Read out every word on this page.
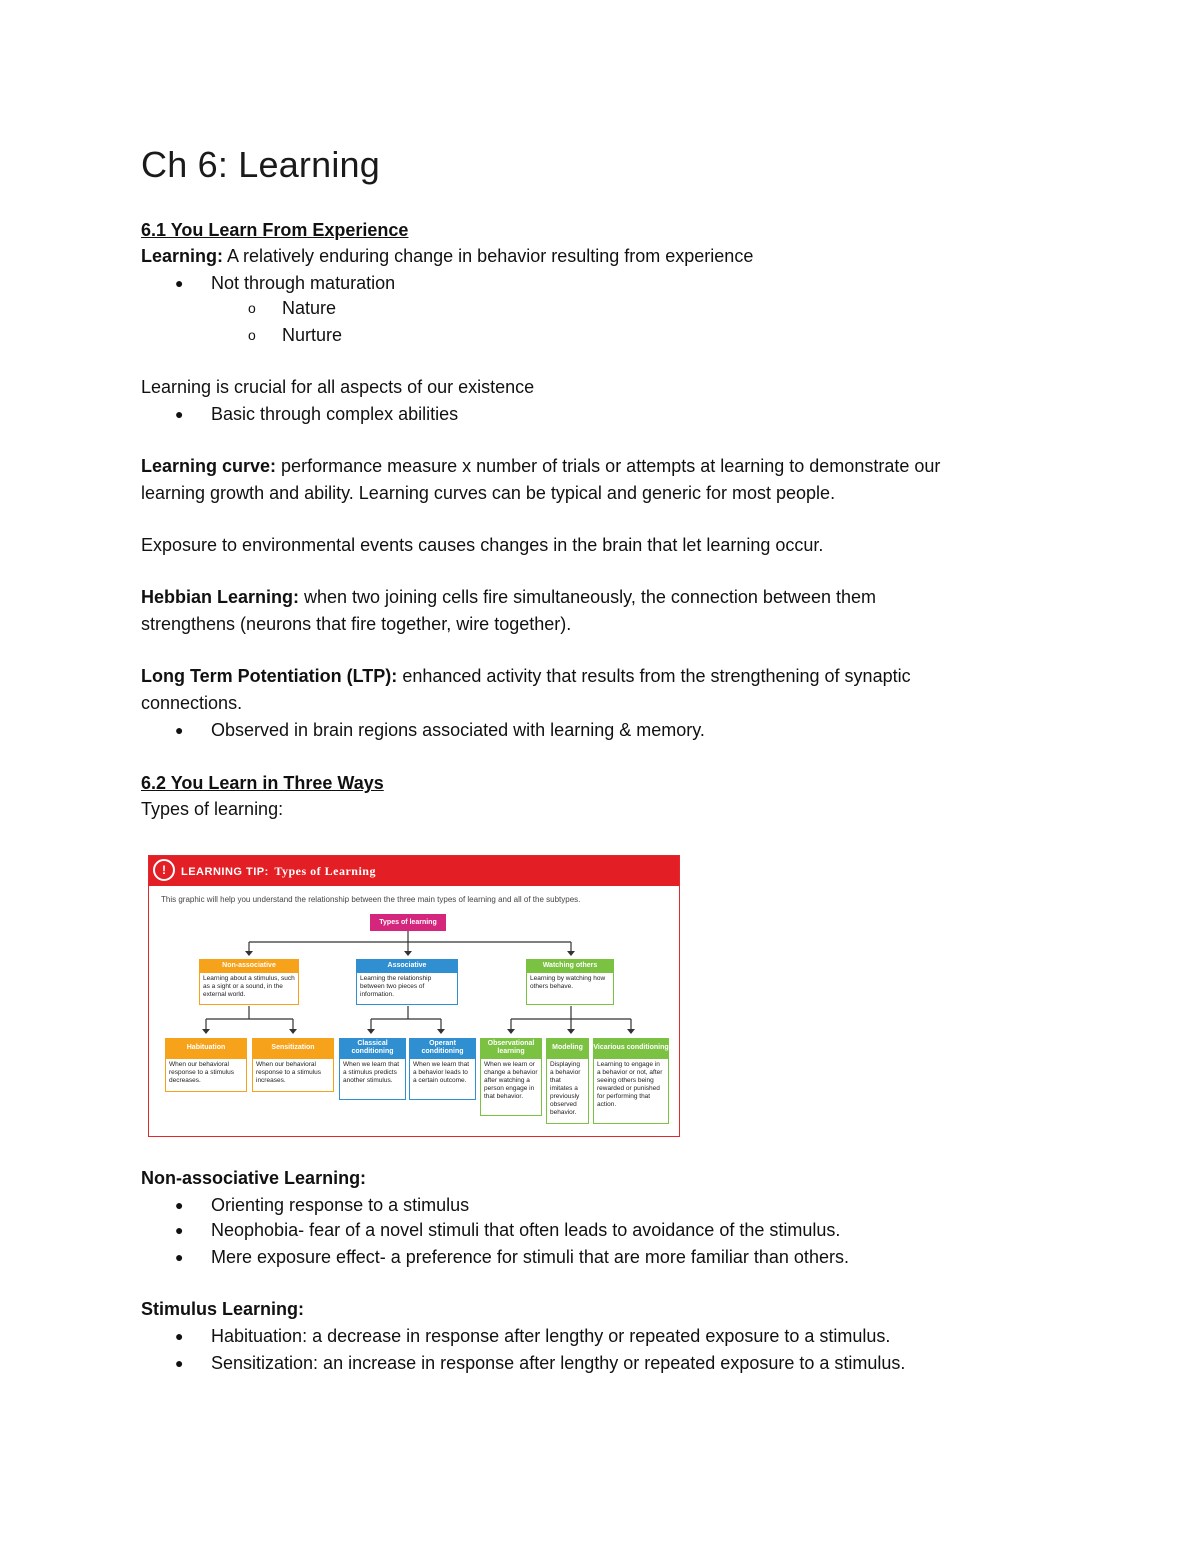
Ch 6: Learning
6.1 You Learn From Experience
Learning: A relatively enduring change in behavior resulting from experience
● Not through maturation
o Nature
o Nurture
Learning is crucial for all aspects of our existence
● Basic through complex abilities
Learning curve: performance measure x number of trials or attempts at learning to demonstrate our
learning growth and ability. Learning curves can be typical and generic for most people.
Exposure to environmental events causes changes in the brain that let learning occur.
Hebbian Learning: when two joining cells fire simultaneously, the connection between them
strengthens (neurons that fire together, wire together).
Long Term Potentiation (LTP): enhanced activity that results from the strengthening of synaptic
connections.
● Observed in brain regions associated with learning & memory.
6.2 You Learn in Three Ways
Types of learning:
!	LEARNING TIP: Types of Learning
This graphic will help you understand the relationship between the three main types of learning and all of the subtypes.
Types of learning
Non-associative
Learning about a stimulus, such as a sight or a sound, in the external world.
Associative
Learning the relationship between two pieces of information.
Watching others
Learning by watching how others behave.
Habituation
When our behavioral response to a stimulus decreases.
Sensitization
When our behavioral response to a stimulus increases.
Classical conditioning
When we learn that a stimulus predicts another stimulus.
Operant conditioning
When we learn that a behavior leads to a certain outcome.
Observational learning
When we learn or change a behavior after watching a person engage in that behavior.
Modeling
Displaying a behavior that imitates a previously observed behavior.
Vicarious conditioning
Learning to engage in a behavior or not, after seeing others being rewarded or punished for performing that action.
Non-associative Learning:
● Orienting response to a stimulus
● Neophobia- fear of a novel stimuli that often leads to avoidance of the stimulus.
● Mere exposure effect- a preference for stimuli that are more familiar than others.
Stimulus Learning:
● Habituation: a decrease in response after lengthy or repeated exposure to a stimulus.
● Sensitization: an increase in response after lengthy or repeated exposure to a stimulus.
